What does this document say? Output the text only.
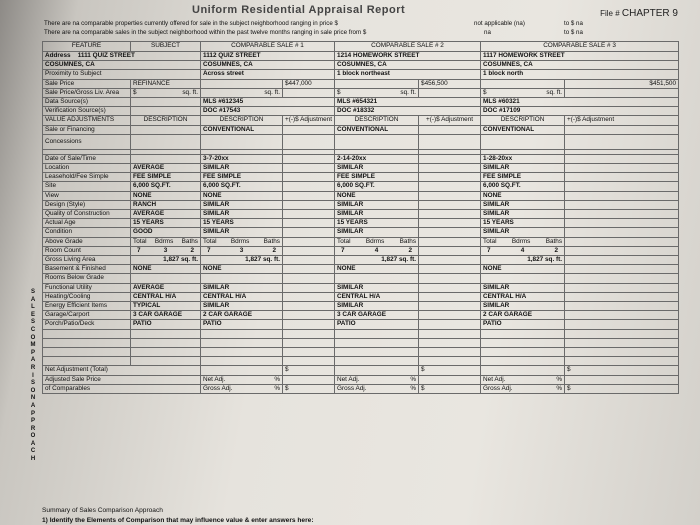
Uniform Residential Appraisal Report	File # CHAPTER 9
There are na comparable properties currently offered for sale in the subject neighborhood ranging in price $	not applicable (na)	to $ na
There are na comparable sales in the subject neighborhood within the past twelve months ranging in sale price from $	na	to $ na
FEATURE	SUBJECT	COMPARABLE SALE # 1		COMPARABLE SALE # 2		COMPARABLE SALE # 3	
Address 1111 QUIZ STREET		1112 QUIZ STREET		1214 HOMEWORK STREET		1117 HOMEWORK STREET	
COSUMNES, CA		COSUMNES, CA		COSUMNES, CA		COSUMNES, CA	
Proximity to Subject		Across street		1 block northeast		1 block north	
Sale Price	REFINANCE		$447,000		$456,500		$451,500
Sale Price/Gross Liv. Area	$ sq. ft.	sq. ft.		$ sq. ft.		$ sq. ft.	

Data Source(s)		MLS #612345		MLS #654321		MLS #60321	
Verification Source(s)		DOC #17543		DOC #18332		DOC #17109	
VALUE ADJUSTMENTS	DESCRIPTION	DESCRIPTION	+(-)$ Adjustment	DESCRIPTION	+(-)$ Adjustment	DESCRIPTION	+(-)$ Adjustment
Sale or Financing		CONVENTIONAL		CONVENTIONAL		CONVENTIONAL	
Concessions							

Date of Sale/Time		3-7-20xx		2-14-20xx		1-28-20xx	
Location	AVERAGE	SIMILAR		SIMILAR		SIMILAR	
Leasehold/Fee Simple	FEE SIMPLE	FEE SIMPLE		FEE SIMPLE		FEE SIMPLE	
Site	6,000 SQ.FT.	6,000 SQ.FT.		6,000 SQ.FT.		6,000 SQ.FT.	
View	NONE	NONE		NONE		NONE	
Design (Style)	RANCH	SIMILAR		SIMILAR		SIMILAR	
Quality of Construction	AVERAGE	SIMILAR		SIMILAR		SIMILAR	
Actual Age	15 YEARS	15 YEARS		15 YEARS		15 YEARS	
Condition	GOOD	SIMILAR		SIMILAR		SIMILAR	
Above Grade	Total Bdrms Baths	Total Bdrms Baths		Total Bdrms Baths		Total Bdrms Baths	

Room Count	7 3 2	7 3 2		7 4 2		7 4 2	

Gross Living Area	1,827 sq. ft.	1,827 sq. ft.		1,827 sq. ft.		1,827 sq. ft.	
Basement & Finished	NONE	NONE		NONE		NONE	
Rooms Below Grade							
Functional Utility	AVERAGE	SIMILAR		SIMILAR		SIMILAR	
Heating/Cooling	CENTRAL H/A	CENTRAL H/A		CENTRAL H/A		CENTRAL H/A	
Energy Efficient Items	TYPICAL	SIMILAR		SIMILAR		SIMILAR	
Garage/Carport	3 CAR GARAGE	2 CAR GARAGE		3 CAR GARAGE		2 CAR GARAGE	
Porch/Patio/Deck	PATIO	PATIO		PATIO		PATIO	

Net Adjustment (Total)			$		$		$
Adjusted Sale Price		Net Adj. %		Net Adj. %		Net Adj. %	

of Comparables		Gross Adj. %	$	Gross Adj. %	$	Gross Adj. %	$
S
A
L
E
S
C
O
M
P
A
R
I
S
O
N
A
P
P
R
O
A
C
H
Summary of Sales Comparison Approach
1) Identify the Elements of Comparison that may influence value & enter answers here:
